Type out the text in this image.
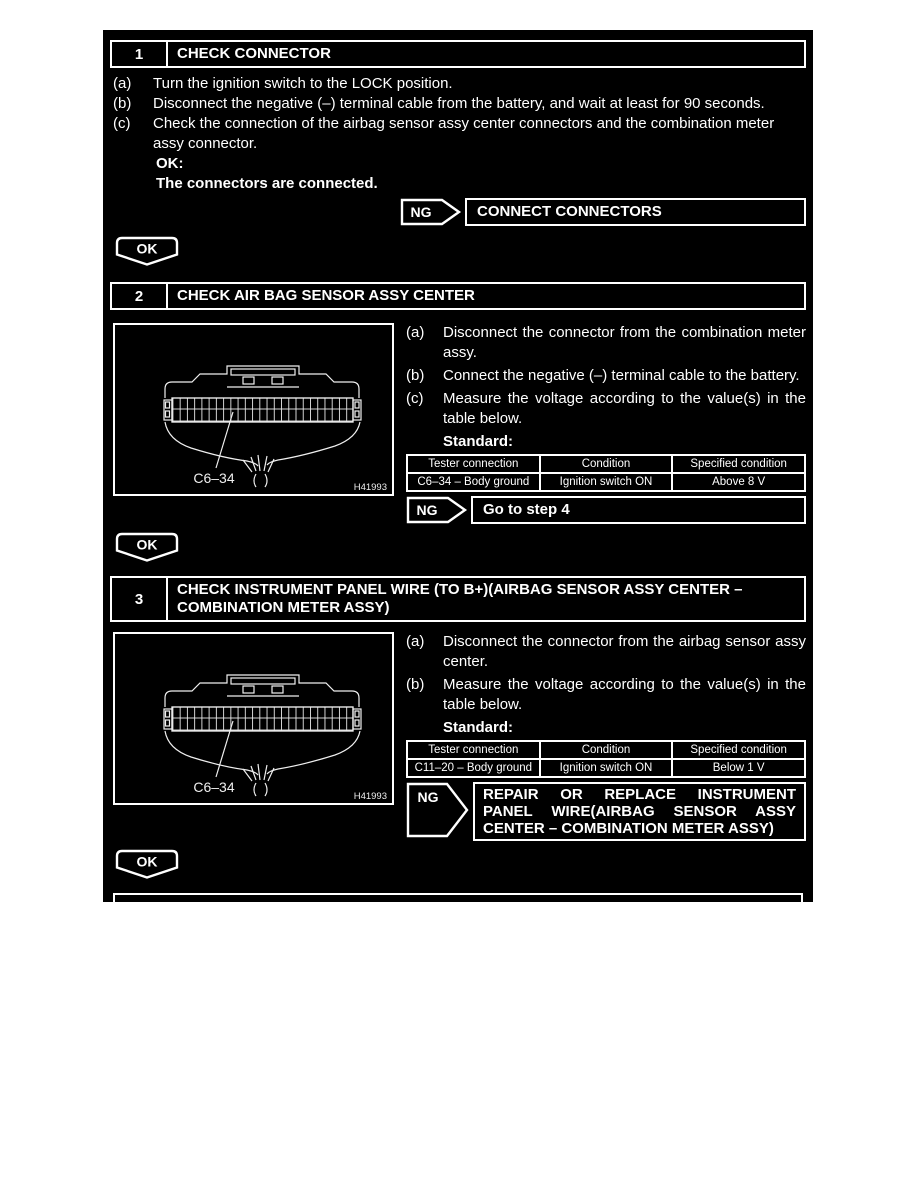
1	CHECK CONNECTOR
(a)	Turn the ignition switch to the LOCK position.
(b)	Disconnect the negative (–) terminal cable from the battery, and wait at least for 90 seconds.
(c)	Check the connection of the airbag sensor assy center connectors and the combination meter assy connector.
OK:
The connectors are connected.
NG	CONNECT CONNECTORS
OK
2	CHECK AIR BAG SENSOR ASSY CENTER
C6–34
H41993
(a)	Disconnect the connector from the combination meter assy.
(b)	Connect the negative (–) terminal cable to the battery.
(c)	Measure the voltage according to the value(s) in the table below.
Standard:
Tester connection	Condition	Specified condition
C6–34 – Body ground	Ignition switch ON	Above 8 V
NG	Go to step 4
OK
3
CHECK INSTRUMENT PANEL WIRE (TO B+)(AIRBAG SENSOR ASSY CENTER – COMBINATION METER ASSY)
(a)	Disconnect the connector from the airbag sensor assy center.
(b)	Measure the voltage according to the value(s) in the table below.
Standard:
Tester connection	Condition	Specified condition
C11–20 – Body ground	Ignition switch ON	Below 1 V
NG	REPAIR OR REPLACE INSTRUMENT PANEL WIRE(AIRBAG SENSOR ASSY CENTER – COMBINATION METER ASSY)
OK
REPLACE COMBINATION METER ASSY
